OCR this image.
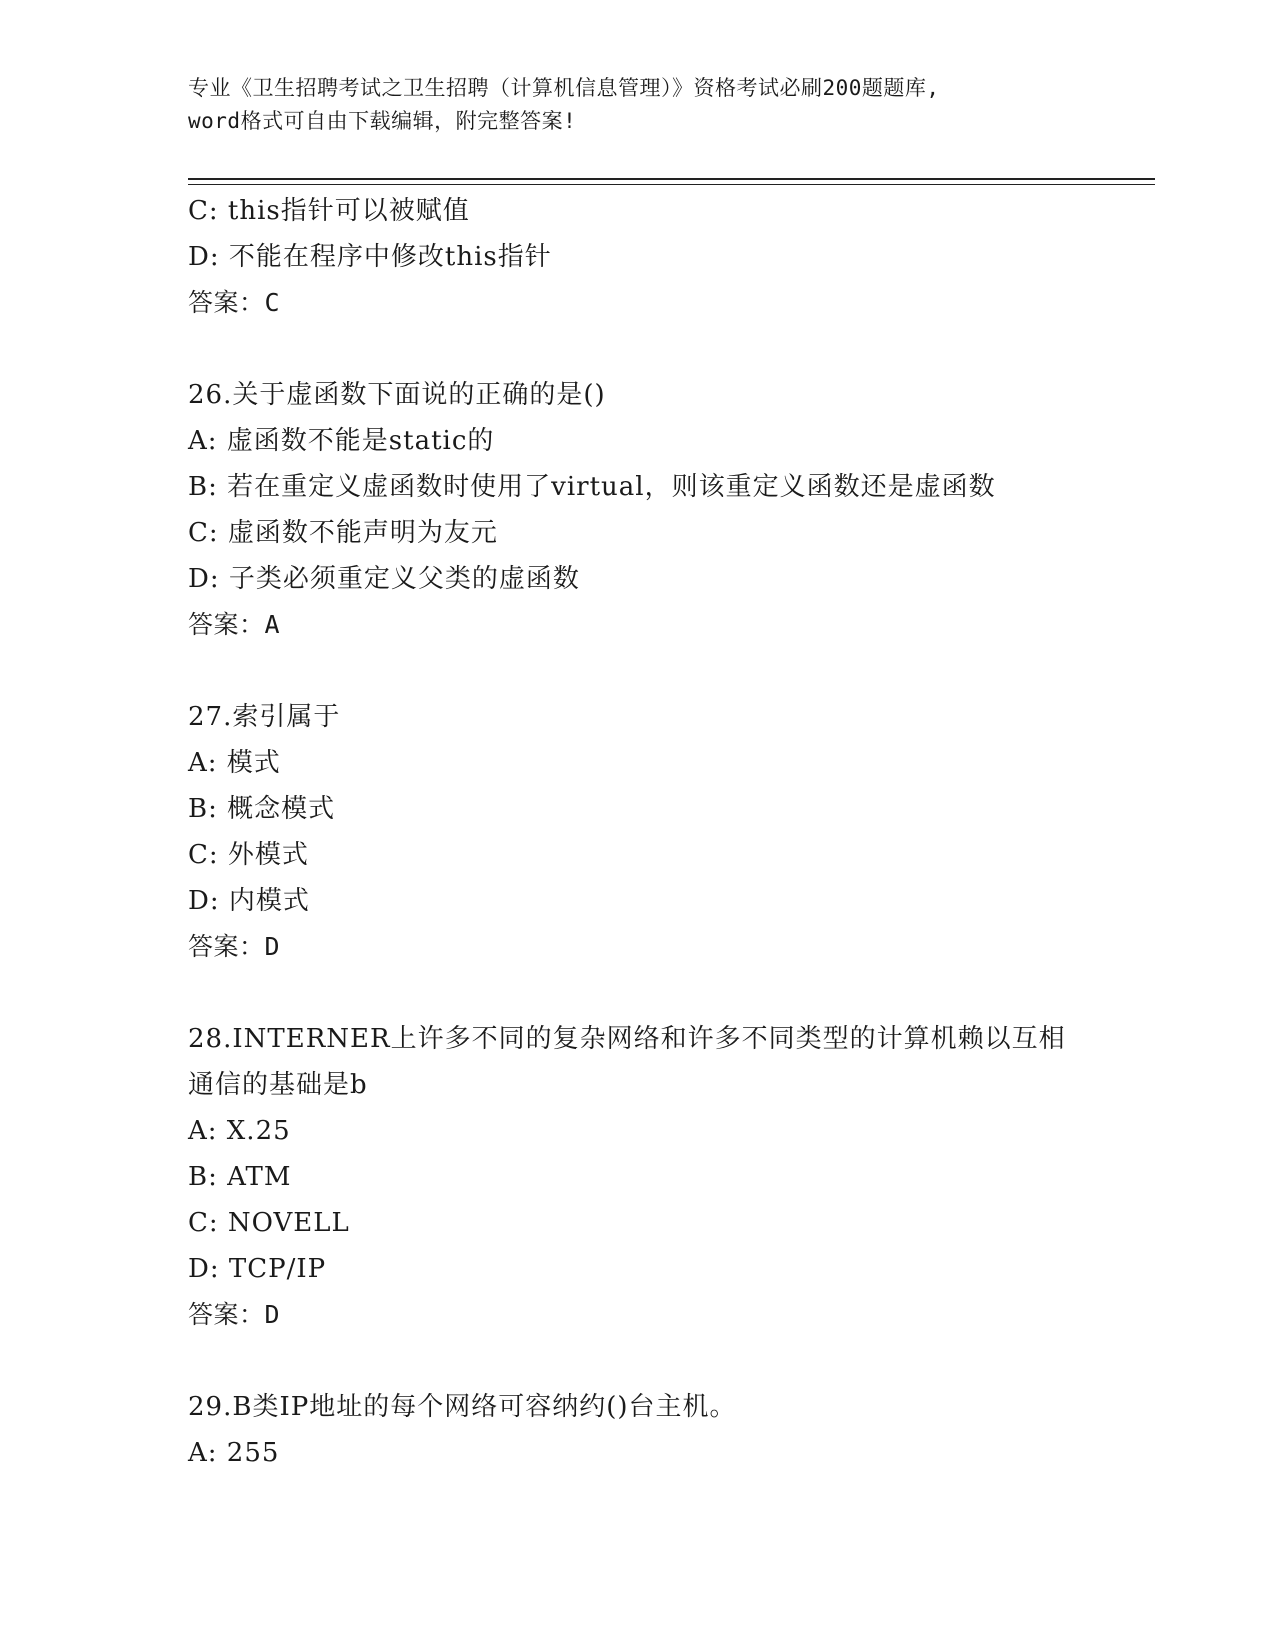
专业《卫生招聘考试之卫生招聘（计算机信息管理）》资格考试必刷200题题库,
word格式可自由下载编辑，附完整答案!
C: this指针可以被赋值
D: 不能在程序中修改this指针
答案：C
26.关于虚函数下面说的正确的是()
A: 虚函数不能是static的
B: 若在重定义虚函数时使用了virtual，则该重定义函数还是虚函数
C: 虚函数不能声明为友元
D: 子类必须重定义父类的虚函数
答案：A
27.索引属于
A: 模式
B: 概念模式
C: 外模式
D: 内模式
答案：D
28.INTERNER上许多不同的复杂网络和许多不同类型的计算机赖以互相
通信的基础是b
A: X.25
B: ATM
C: NOVELL
D: TCP/IP
答案：D
29.B类IP地址的每个网络可容纳约()台主机。
A: 255
